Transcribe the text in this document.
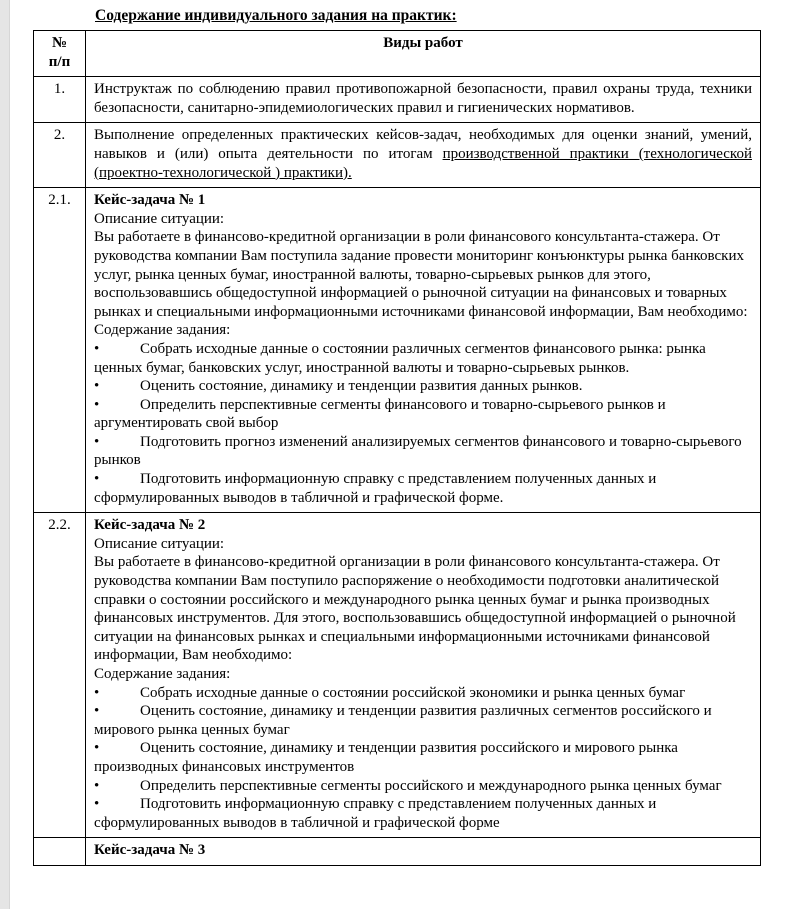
Содержание индивидуального задания на практик:
№
п/п	Виды работ
1.	Инструктаж по соблюдению правил противопожарной безопасности, правил охраны труда, техники безопасности, санитарно-эпидемиологических правил и гигиенических нормативов.

2.	Выполнение определенных практических кейсов-задач, необходимых для оценки знаний, умений, навыков и (или) опыта деятельности по итогам производственной практики (технологической (проектно-технологической ) практики).

2.1.	Кейс-задача № 1

Описание ситуации:

Вы работаете в финансово-кредитной организации в роли финансового консультанта-стажера. От руководства компании Вам поступила задание провести мониторинг конъюнктуры рынка банковских услуг, рынка ценных бумаг, иностранной валюты, товарно-сырьевых рынков для этого, воспользовавшись общедоступной информацией о рыночной ситуации на финансовых и товарных рынках и специальными информационными источниками финансовой информации, Вам необходимо:

Содержание задания:

•	Собрать исходные данные о состоянии различных сегментов финансового рынка: рынка ценных бумаг, банковских услуг, иностранной валюты и товарно-сырьевых рынков.

•	Оценить состояние, динамику и тенденции развития данных рынков.

•	Определить перспективные сегменты финансового и товарно-сырьевого рынков и аргументировать свой выбор

•	Подготовить прогноз изменений анализируемых сегментов финансового и товарно-сырьевого рынков

•	Подготовить информационную справку с представлением полученных данных и сформулированных выводов в табличной и графической форме.

2.2.	Кейс-задача № 2

Описание ситуации:

Вы работаете в финансово-кредитной организации в роли финансового консультанта-стажера. От руководства компании Вам поступило распоряжение о необходимости подготовки аналитической справки о состоянии российского и международного рынка ценных бумаг и рынка производных финансовых инструментов. Для этого, воспользовавшись общедоступной информацией о рыночной ситуации на финансовых рынках и специальными информационными источниками финансовой информации, Вам необходимо:

Содержание задания:

•	Собрать исходные данные о состоянии российской экономики и рынка ценных бумаг

•	Оценить состояние, динамику и тенденции развития различных сегментов российского и мирового рынка ценных бумаг

•	Оценить состояние, динамику и тенденции развития российского и мирового рынка производных финансовых инструментов

•	Определить перспективные сегменты российского и международного рынка ценных бумаг

•	Подготовить информационную справку с представлением полученных данных и сформулированных выводов в табличной и графической форме

	Кейс-задача № 3
